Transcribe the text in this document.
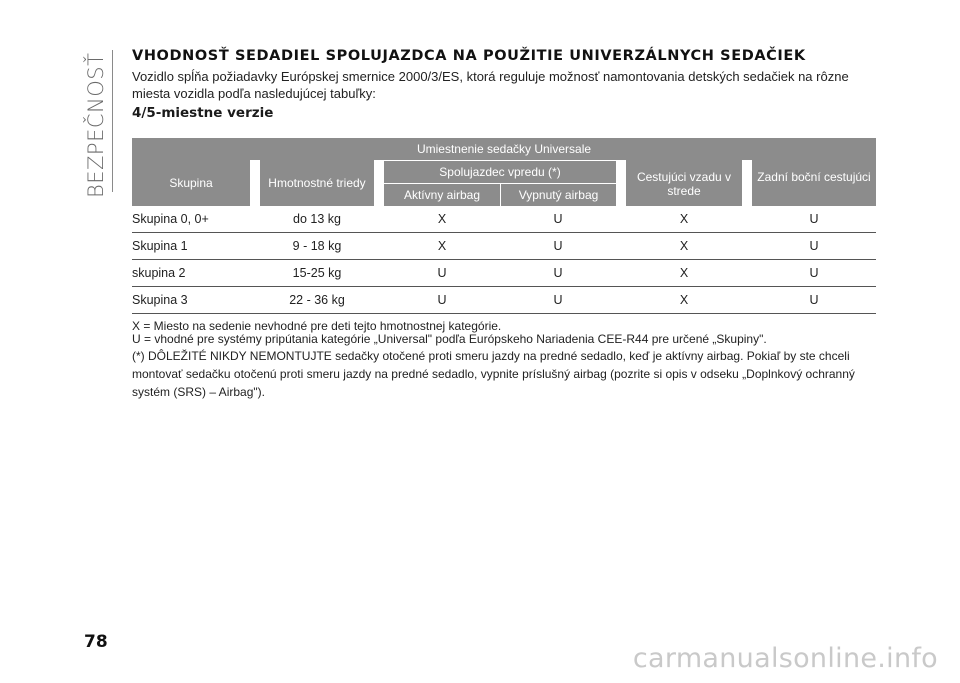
BEZPEČNOSŤ VHODNOSŤ SEDADIEL SPOLUJAZDCA NA POUŽITIE UNIVERZÁLNYCH SEDAČIEK

Vozidlo spĺňa požiadavky Európskej smernice 2000/3/ES, ktorá reguluje možnosť namontovania detských sedačiek na rôzne miesta vozidla podľa nasledujúcej tabuľky:

4/5-miestne verzie
Umiestnenie sedačky Universale									
Skupina		Hmotnostné triedy		Spolujazdec vpredu (*)			Cestujúci vzadu v strede		Zadní boční cestujúci
				Aktívny airbag	Vypnutý airbag				
Skupina 0, 0+		do 13 kg		X	U		X		U
Skupina 1		9 - 18 kg		X	U		X		U
skupina 2		15-25 kg		U	U		X		U
Skupina 3		22 - 36 kg		U	U		X		U

X = Miesto na sedenie nevhodné pre deti tejto hmotnostnej kategórie.

U = vhodné pre systémy pripútania kategórie „Universal" podľa Európskeho Nariadenia CEE-R44 pre určené „Skupiny".

(*) DÔLEŽITÉ NIKDY NEMONTUJTE sedačky otočené proti smeru jazdy na predné sedadlo, keď je aktívny airbag. Pokiaľ by ste chceli montovať sedačku otočenú proti smeru jazdy na predné sedadlo, vypnite príslušný airbag (pozrite si opis v odseku „Doplnkový ochranný systém (SRS) – Airbag").

78
carmanualsonline.info
